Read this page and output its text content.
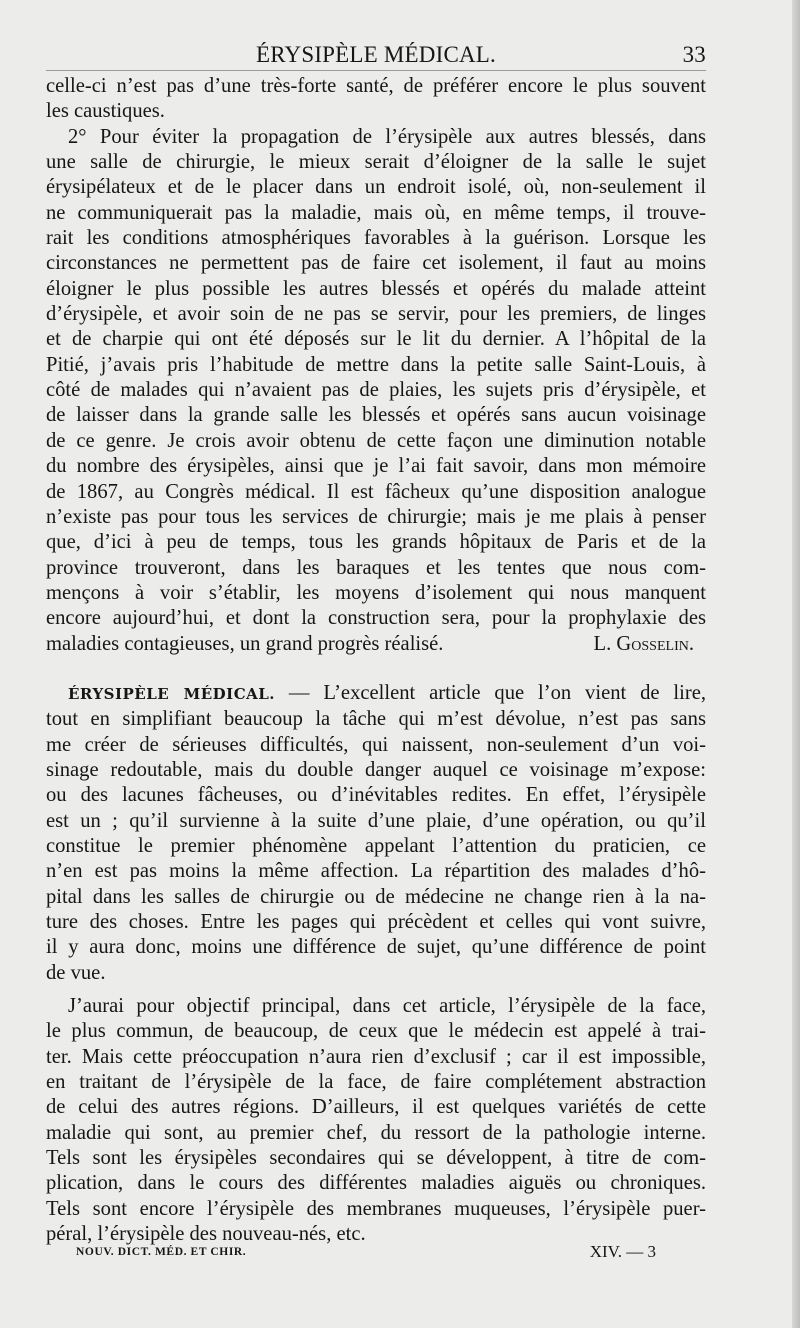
ÉRYSIPÈLE MÉDICAL.	33
celle-ci n’est pas d’une très-forte santé, de préférer encore le plus souvent
les caustiques.
2° Pour éviter la propagation de l’érysipèle aux autres blessés, dans
une salle de chirurgie, le mieux serait d’éloigner de la salle le sujet
érysipélateux et de le placer dans un endroit isolé, où, non-seulement il
ne communiquerait pas la maladie, mais où, en même temps, il trouve-
rait les conditions atmosphériques favorables à la guérison. Lorsque les
circonstances ne permettent pas de faire cet isolement, il faut au moins
éloigner le plus possible les autres blessés et opérés du malade atteint
d’érysipèle, et avoir soin de ne pas se servir, pour les premiers, de linges
et de charpie qui ont été déposés sur le lit du dernier. A l’hôpital de la
Pitié, j’avais pris l’habitude de mettre dans la petite salle Saint-Louis, à
côté de malades qui n’avaient pas de plaies, les sujets pris d’érysipèle, et
de laisser dans la grande salle les blessés et opérés sans aucun voisinage
de ce genre. Je crois avoir obtenu de cette façon une diminution notable
du nombre des érysipèles, ainsi que je l’ai fait savoir, dans mon mémoire
de 1867, au Congrès médical. Il est fâcheux qu’une disposition analogue
n’existe pas pour tous les services de chirurgie; mais je me plais à penser
que, d’ici à peu de temps, tous les grands hôpitaux de Paris et de la
province trouveront, dans les baraques et les tentes que nous com-
mençons à voir s’établir, les moyens d’isolement qui nous manquent
encore aujourd’hui, et dont la construction sera, pour la prophylaxie des
maladies contagieuses, un grand progrès réalisé.	L. Gosselin.
ÉRYSIPÈLE MÉDICAL. — L’excellent article que l’on vient de lire,
tout en simplifiant beaucoup la tâche qui m’est dévolue, n’est pas sans
me créer de sérieuses difficultés, qui naissent, non-seulement d’un voi-
sinage redoutable, mais du double danger auquel ce voisinage m’expose:
ou des lacunes fâcheuses, ou d’inévitables redites. En effet, l’érysipèle
est un ; qu’il survienne à la suite d’une plaie, d’une opération, ou qu’il
constitue le premier phénomène appelant l’attention du praticien, ce
n’en est pas moins la même affection. La répartition des malades d’hô-
pital dans les salles de chirurgie ou de médecine ne change rien à la na-
ture des choses. Entre les pages qui précèdent et celles qui vont suivre,
il y aura donc, moins une différence de sujet, qu’une différence de point
de vue.
J’aurai pour objectif principal, dans cet article, l’érysipèle de la face,
le plus commun, de beaucoup, de ceux que le médecin est appelé à trai-
ter. Mais cette préoccupation n’aura rien d’exclusif ; car il est impossible,
en traitant de l’érysipèle de la face, de faire complétement abstraction
de celui des autres régions. D’ailleurs, il est quelques variétés de cette
maladie qui sont, au premier chef, du ressort de la pathologie interne.
Tels sont les érysipèles secondaires qui se développent, à titre de com-
plication, dans le cours des différentes maladies aiguës ou chroniques.
Tels sont encore l’érysipèle des membranes muqueuses, l’érysipèle puer-
péral, l’érysipèle des nouveau-nés, etc.
NOUV. DICT. MÉD. ET CHIR.	XIV. — 3
